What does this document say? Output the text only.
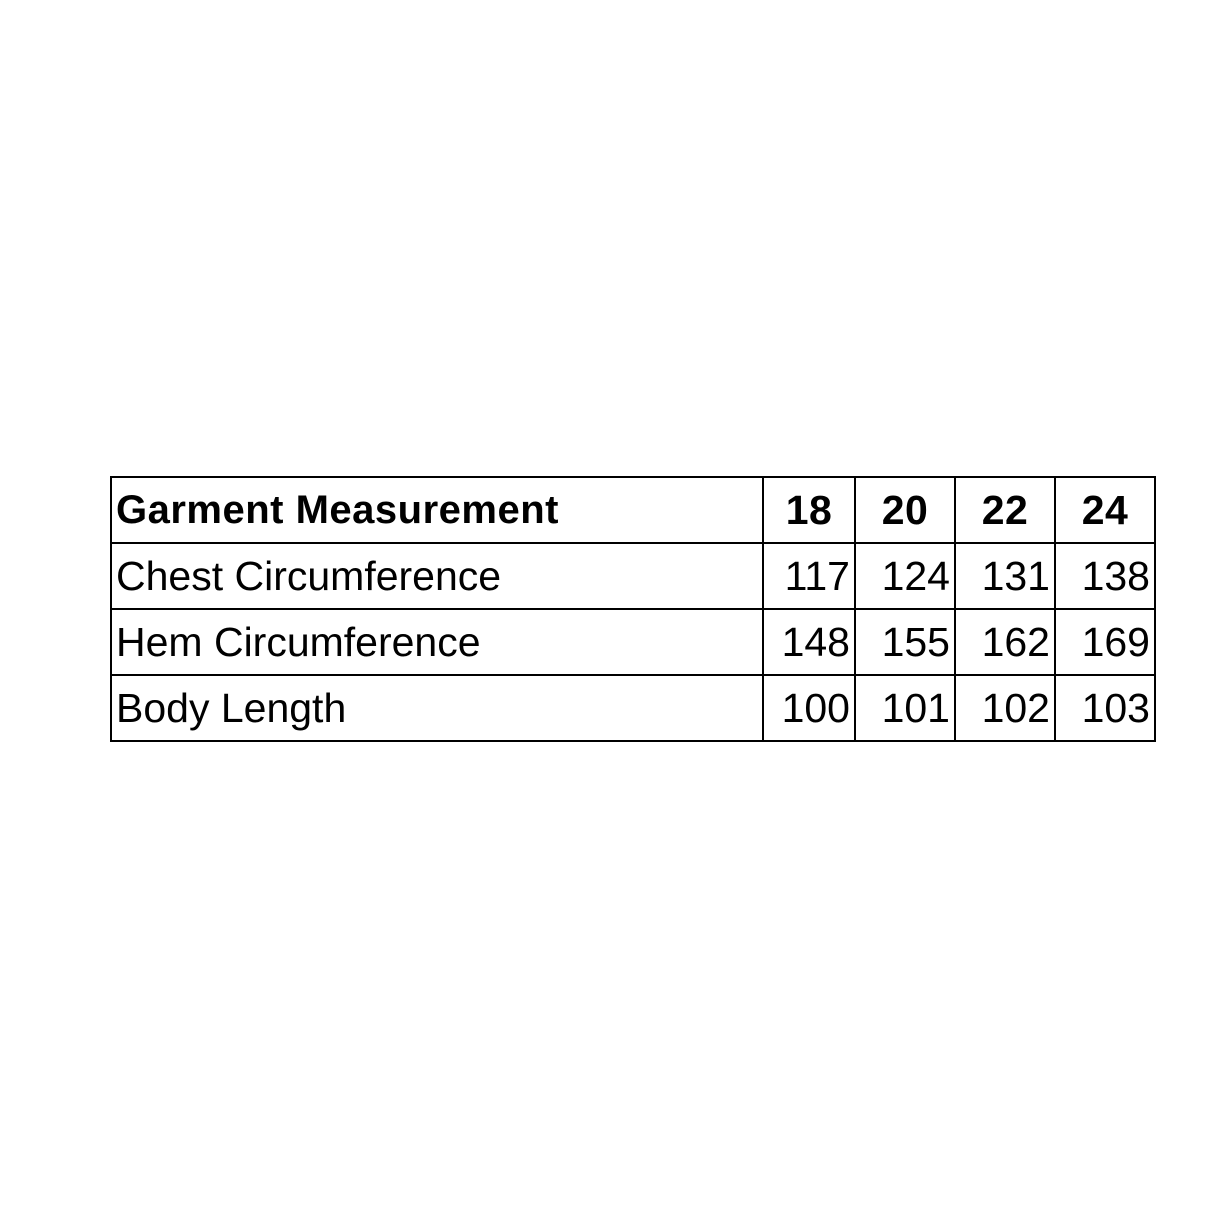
Garment Measurement	18	20	22	24
Chest Circumference	117	124	131	138
Hem Circumference	148	155	162	169
Body Length	100	101	102	103
